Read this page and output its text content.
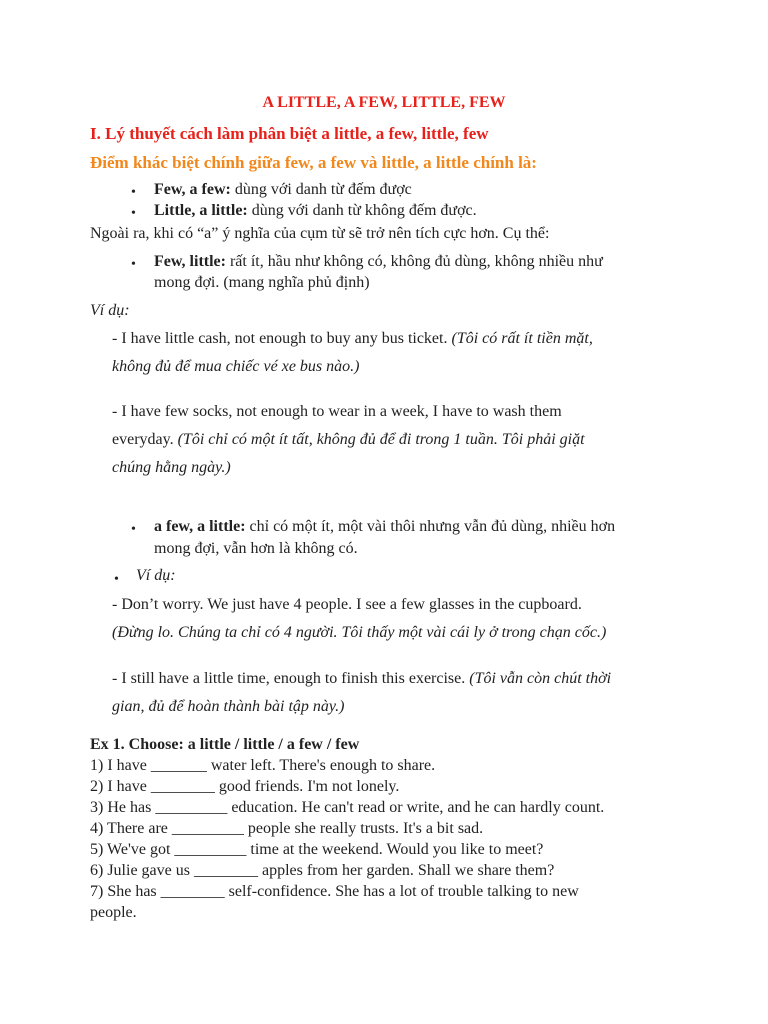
A LITTLE, A FEW, LITTLE, FEW
I. Lý thuyết cách làm phân biệt a little, a few, little, few
Điểm khác biệt chính giữa few, a few và little, a little chính là:
• Few, a few: dùng với danh từ đếm được
• Little, a little: dùng với danh từ không đếm được.
Ngoài ra, khi có “a” ý nghĩa của cụm từ sẽ trở nên tích cực hơn. Cụ thể:
• Few, little: rất ít, hầu như không có, không đủ dùng, không nhiều như
mong đợi. (mang nghĩa phủ định)
Ví dụ:
- I have little cash, not enough to buy any bus ticket. (Tôi có rất ít tiền mặt,
không đủ để mua chiếc vé xe bus nào.)
- I have few socks, not enough to wear in a week, I have to wash them
everyday. (Tôi chỉ có một ít tất, không đủ để đi trong 1 tuần. Tôi phải giặt
chúng hằng ngày.)
• a few, a little: chỉ có một ít, một vài thôi nhưng vẫn đủ dùng, nhiều hơn
mong đợi, vẫn hơn là không có.
• Ví dụ:
- Don’t worry. We just have 4 people. I see a few glasses in the cupboard.
(Đừng lo. Chúng ta chỉ có 4 người. Tôi thấy một vài cái ly ở trong chạn cốc.)
- I still have a little time, enough to finish this exercise. (Tôi vẫn còn chút thời
gian, đủ để hoàn thành bài tập này.)
Ex 1. Choose: a little / little / a few / few
1) I have _______ water left. There's enough to share.
2) I have ________ good friends. I'm not lonely.
3) He has _________ education. He can't read or write, and he can hardly count.
4) There are _________ people she really trusts. It's a bit sad.
5) We've got _________ time at the weekend. Would you like to meet?
6) Julie gave us ________ apples from her garden. Shall we share them?
7) She has ________ self-confidence. She has a lot of trouble talking to new
people.
